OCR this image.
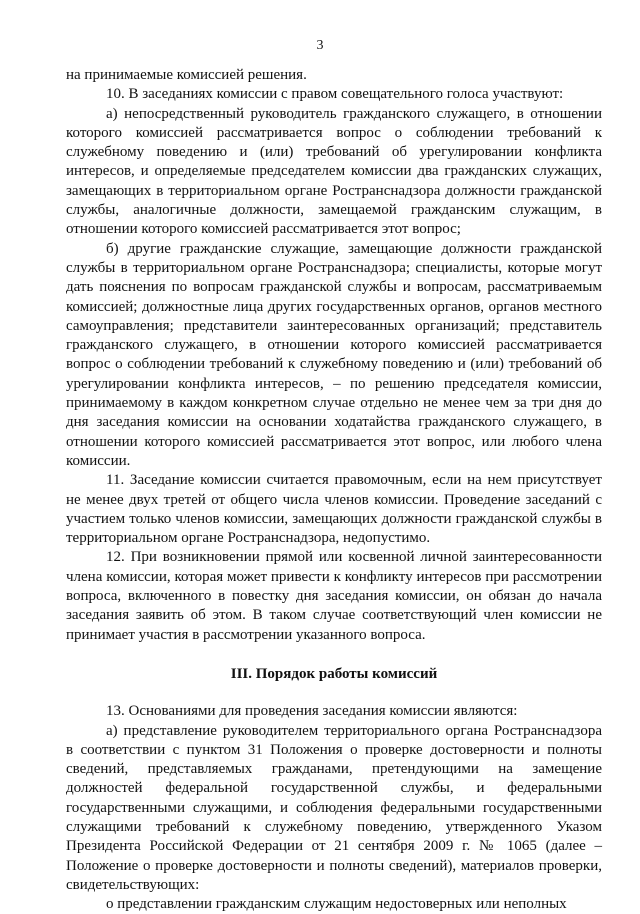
3

на принимаемые комиссией решения.

10. В заседаниях комиссии с правом совещательного голоса участвуют:

а) непосредственный руководитель гражданского служащего, в отношении которого комиссией рассматривается вопрос о соблюдении требований к служебному поведению и (или) требований об урегулировании конфликта интересов, и определяемые председателем комиссии два гражданских служащих, замещающих в территориальном органе Ространснадзора должности гражданской службы, аналогичные должности, замещаемой гражданским служащим, в отношении которого комиссией рассматривается этот вопрос;

б) другие гражданские служащие, замещающие должности гражданской службы в территориальном органе Ространснадзора; специалисты, которые могут дать пояснения по вопросам гражданской службы и вопросам, рассматриваемым комиссией; должностные лица других государственных органов, органов местного самоуправления; представители заинтересованных организаций; представитель гражданского служащего, в отношении которого комиссией рассматривается вопрос о соблюдении требований к служебному поведению и (или) требований об урегулировании конфликта интересов, – по решению председателя комиссии, принимаемому в каждом конкретном случае отдельно не менее чем за три дня до дня заседания комиссии на основании ходатайства гражданского служащего, в отношении которого комиссией рассматривается этот вопрос, или любого члена комиссии.

11. Заседание комиссии считается правомочным, если на нем присутствует не менее двух третей от общего числа членов комиссии. Проведение заседаний с участием только членов комиссии, замещающих должности гражданской службы в территориальном органе Ространснадзора, недопустимо.

12. При возникновении прямой или косвенной личной заинтересованности члена комиссии, которая может привести к конфликту интересов при рассмотрении вопроса, включенного в повестку дня заседания комиссии, он обязан до начала заседания заявить об этом. В таком случае соответствующий член комиссии не принимает участия в рассмотрении указанного вопроса.

III. Порядок работы комиссий

13. Основаниями для проведения заседания комиссии являются:

а) представление руководителем территориального органа Ространснадзора в соответствии с пунктом 31 Положения о проверке достоверности и полноты сведений, представляемых гражданами, претендующими на замещение должностей федеральной государственной службы, и федеральными государственными служащими, и соблюдения федеральными государственными служащими требований к служебному поведению, утвержденного Указом Президента Российской Федерации от 21 сентября 2009 г. № 1065 (далее – Положение о проверке достоверности и полноты сведений), материалов проверки, свидетельствующих:

о представлении гражданским служащим недостоверных или неполных
